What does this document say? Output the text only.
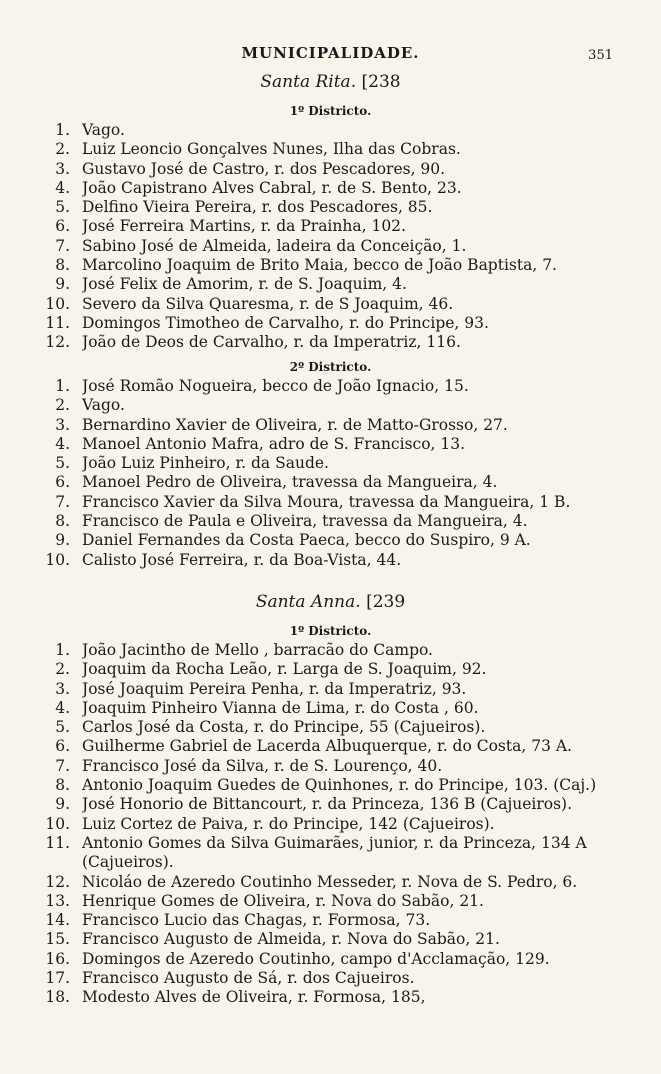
MUNICIPALIDADE.	351
Santa Rita. [238
1º Districto.
1. Vago.
2. Luiz Leoncio Gonçalves Nunes, Ilha das Cobras.
3. Gustavo José de Castro, r. dos Pescadores, 90.
4. João Capistrano Alves Cabral, r. de S. Bento, 23.
5. Delfino Vieira Pereira, r. dos Pescadores, 85.
6. José Ferreira Martins, r. da Prainha, 102.
7. Sabino José de Almeida, ladeira da Conceição, 1.
8. Marcolino Joaquim de Brito Maia, becco de João Baptista, 7.
9. José Felix de Amorim, r. de S. Joaquim, 4.
10. Severo da Silva Quaresma, r. de S Joaquim, 46.
11. Domingos Timotheo de Carvalho, r. do Principe, 93.
12. João de Deos de Carvalho, r. da Imperatriz, 116.
2º Districto.
1. José Romão Nogueira, becco de João Ignacio, 15.
2. Vago.
3. Bernardino Xavier de Oliveira, r. de Matto-Grosso, 27.
4. Manoel Antonio Mafra, adro de S. Francisco, 13.
5. João Luiz Pinheiro, r. da Saude.
6. Manoel Pedro de Oliveira, travessa da Mangueira, 4.
7. Francisco Xavier da Silva Moura, travessa da Mangueira, 1 B.
8. Francisco de Paula e Oliveira, travessa da Mangueira, 4.
9. Daniel Fernandes da Costa Paeca, becco do Suspiro, 9 A.
10. Calisto José Ferreira, r. da Boa-Vista, 44.
Santa Anna. [239
1º Districto.
1. João Jacintho de Mello , barracão do Campo.
2. Joaquim da Rocha Leão, r. Larga de S. Joaquim, 92.
3. José Joaquim Pereira Penha, r. da Imperatriz, 93.
4. Joaquim Pinheiro Vianna de Lima, r. do Costa , 60.
5. Carlos José da Costa, r. do Principe, 55 (Cajueiros).
6. Guilherme Gabriel de Lacerda Albuquerque, r. do Costa, 73 A.
7. Francisco José da Silva, r. de S. Lourenço, 40.
8. Antonio Joaquim Guedes de Quinhones, r. do Principe, 103. (Caj.)
9. José Honorio de Bittancourt, r. da Princeza, 136 B (Cajueiros).
10. Luiz Cortez de Paiva, r. do Principe, 142 (Cajueiros).
11. Antonio Gomes da Silva Guimarães, junior, r. da Princeza, 134 A
(Cajueiros).
12. Nicoláo de Azeredo Coutinho Messeder, r. Nova de S. Pedro, 6.
13. Henrique Gomes de Oliveira, r. Nova do Sabão, 21.
14. Francisco Lucio das Chagas, r. Formosa, 73.
15. Francisco Augusto de Almeida, r. Nova do Sabão, 21.
16. Domingos de Azeredo Coutinho, campo d'Acclamação, 129.
17. Francisco Augusto de Sá, r. dos Cajueiros.
18. Modesto Alves de Oliveira, r. Formosa, 185,
